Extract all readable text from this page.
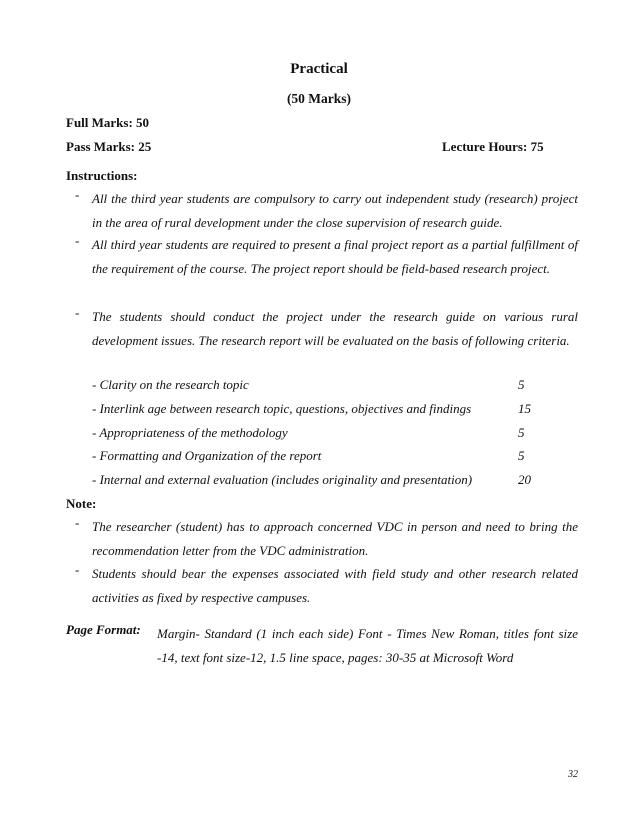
Practical
(50 Marks)
Full Marks: 50
Pass Marks: 25	Lecture Hours: 75
Instructions:
- All the third year students are compulsory to carry out independent study (research) project in the area of rural development under the close supervision of research guide.
- All third year students are required to present a final project report as a partial fulfillment of the requirement of the course. The project report should be field-based research project.
- The students should conduct the project under the research guide on various rural development issues. The research report will be evaluated on the basis of following criteria.
- Clarity on the research topic	5
- Interlink age between research topic, questions, objectives and findings	15
- Appropriateness of the methodology	5
- Formatting and Organization of the report	5
- Internal and external evaluation (includes originality and presentation)	20
Note:
- The researcher (student) has to approach concerned VDC in person and need to bring the recommendation letter from the VDC administration.
- Students should bear the expenses associated with field study and other research related activities as fixed by respective campuses.
Page Format: Margin- Standard (1 inch each side) Font - Times New Roman, titles font size -14, text font size-12, 1.5 line space, pages: 30-35 at Microsoft Word
32
